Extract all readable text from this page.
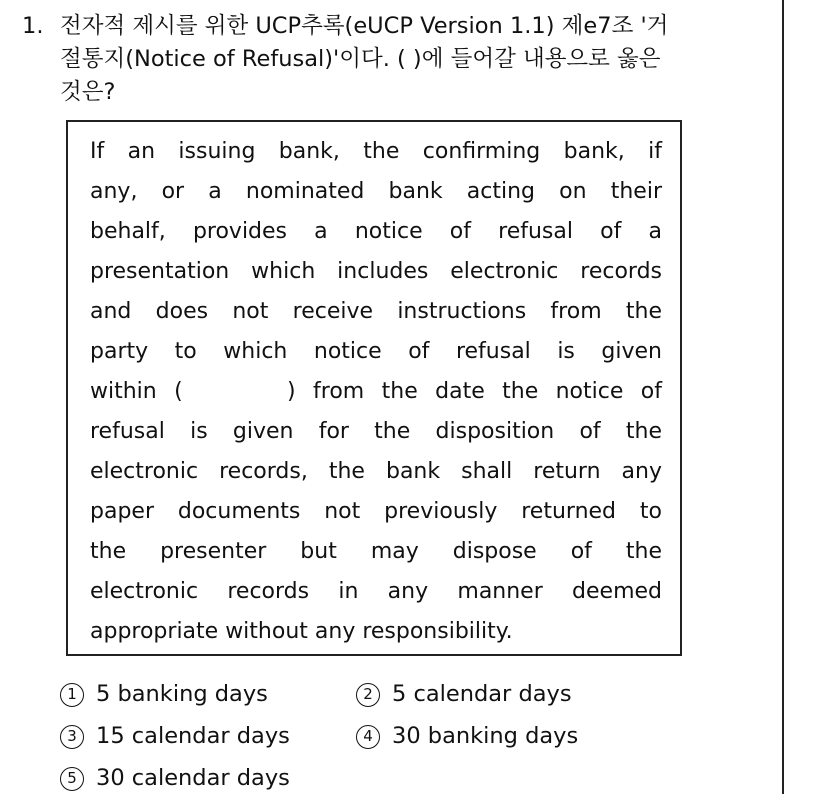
1. 전자적 제시를 위한 UCP추록(eUCP Version 1.1) 제e7조 '거
절통지(Notice of Refusal)'이다. ( )에 들어갈 내용으로 옳은
것은?
If an issuing bank, the confirming bank, if
any, or a nominated bank acting on their
behalf, provides a notice of refusal of a
presentation which includes electronic records
and does not receive instructions from the
party to which notice of refusal is given
within (      ) from the date the notice of
refusal is given for the disposition of the
electronic records, the bank shall return any
paper documents not previously returned to
the presenter but may dispose of the
electronic records in any manner deemed
appropriate without any responsibility.
1 5 banking days	2 5 calendar days
3 15 calendar days	4 30 banking days
5 30 calendar days
